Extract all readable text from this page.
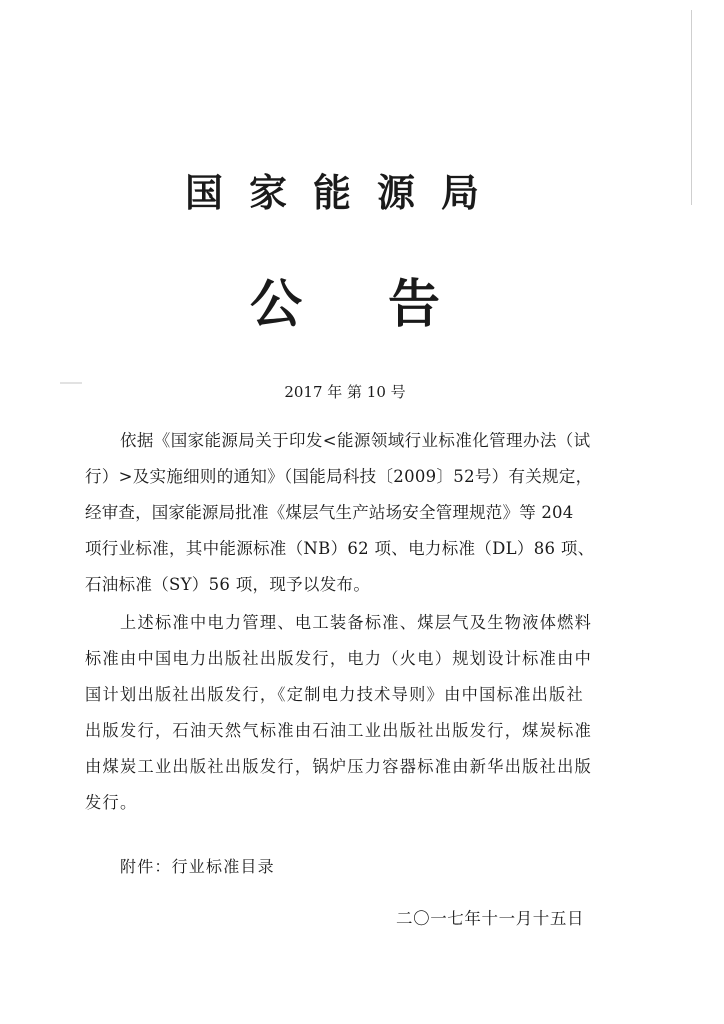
国家能源局
公告
2017 年 第 10 号
依据《国家能源局关于印发<能源领域行业标准化管理办法（试
行）>及实施细则的通知》（国能局科技〔2009〕52号）有关规定，
经审查，国家能源局批准《煤层气生产站场安全管理规范》等 204
项行业标准，其中能源标准（NB）62 项、电力标准（DL）86 项、
石油标准（SY）56 项，现予以发布。
上述标准中电力管理、电工装备标准、煤层气及生物液体燃料
标准由中国电力出版社出版发行，电力（火电）规划设计标准由中
国计划出版社出版发行，《定制电力技术导则》由中国标准出版社
出版发行，石油天然气标准由石油工业出版社出版发行，煤炭标准
由煤炭工业出版社出版发行，锅炉压力容器标准由新华出版社出版
发行。
附件：行业标准目录
二〇一七年十一月十五日
